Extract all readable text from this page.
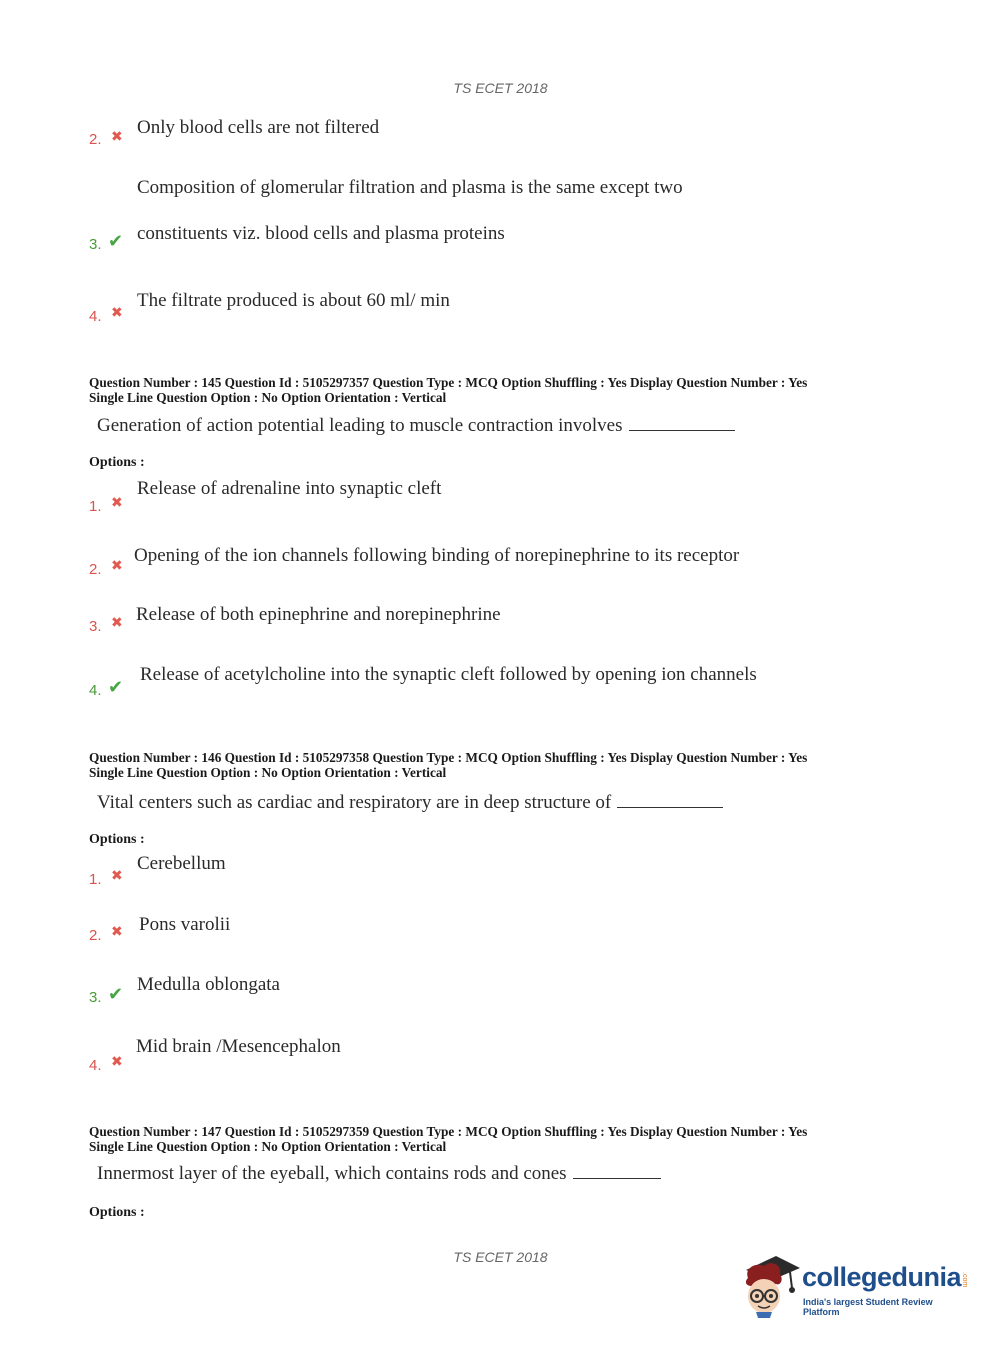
TS ECET 2018
2. ✖ Only blood cells are not filtered
Composition of glomerular filtration and plasma is the same except two
3. ✔ constituents viz. blood cells and plasma proteins
4. ✖
The filtrate produced is about 60 ml/ min
Question Number : 145 Question Id : 5105297357 Question Type : MCQ Option Shuffling : Yes Display Question Number : Yes
Single Line Question Option : No Option Orientation : Vertical
Generation of action potential leading to muscle contraction involves
Options :
1. ✖
Release of adrenaline into synaptic cleft
2. ✖ Opening of the ion channels following binding of norepinephrine to its receptor
3. ✖ Release of both epinephrine and norepinephrine
4. ✔
Release of acetylcholine into the synaptic cleft followed by opening ion channels
Question Number : 146 Question Id : 5105297358 Question Type : MCQ Option Shuffling : Yes Display Question Number : Yes
Single Line Question Option : No Option Orientation : Vertical
Vital centers such as cardiac and respiratory are in deep structure of
Options :
1. ✖
Cerebellum
2. ✖ Pons varolii
3. ✔ Medulla oblongata
4. ✖
Mid brain /Mesencephalon
Question Number : 147 Question Id : 5105297359 Question Type : MCQ Option Shuffling : Yes Display Question Number : Yes
Single Line Question Option : No Option Orientation : Vertical
Innermost layer of the eyeball, which contains rods and cones
Options :
TS ECET 2018
collegedunia .com
India's largest Student Review Platform
